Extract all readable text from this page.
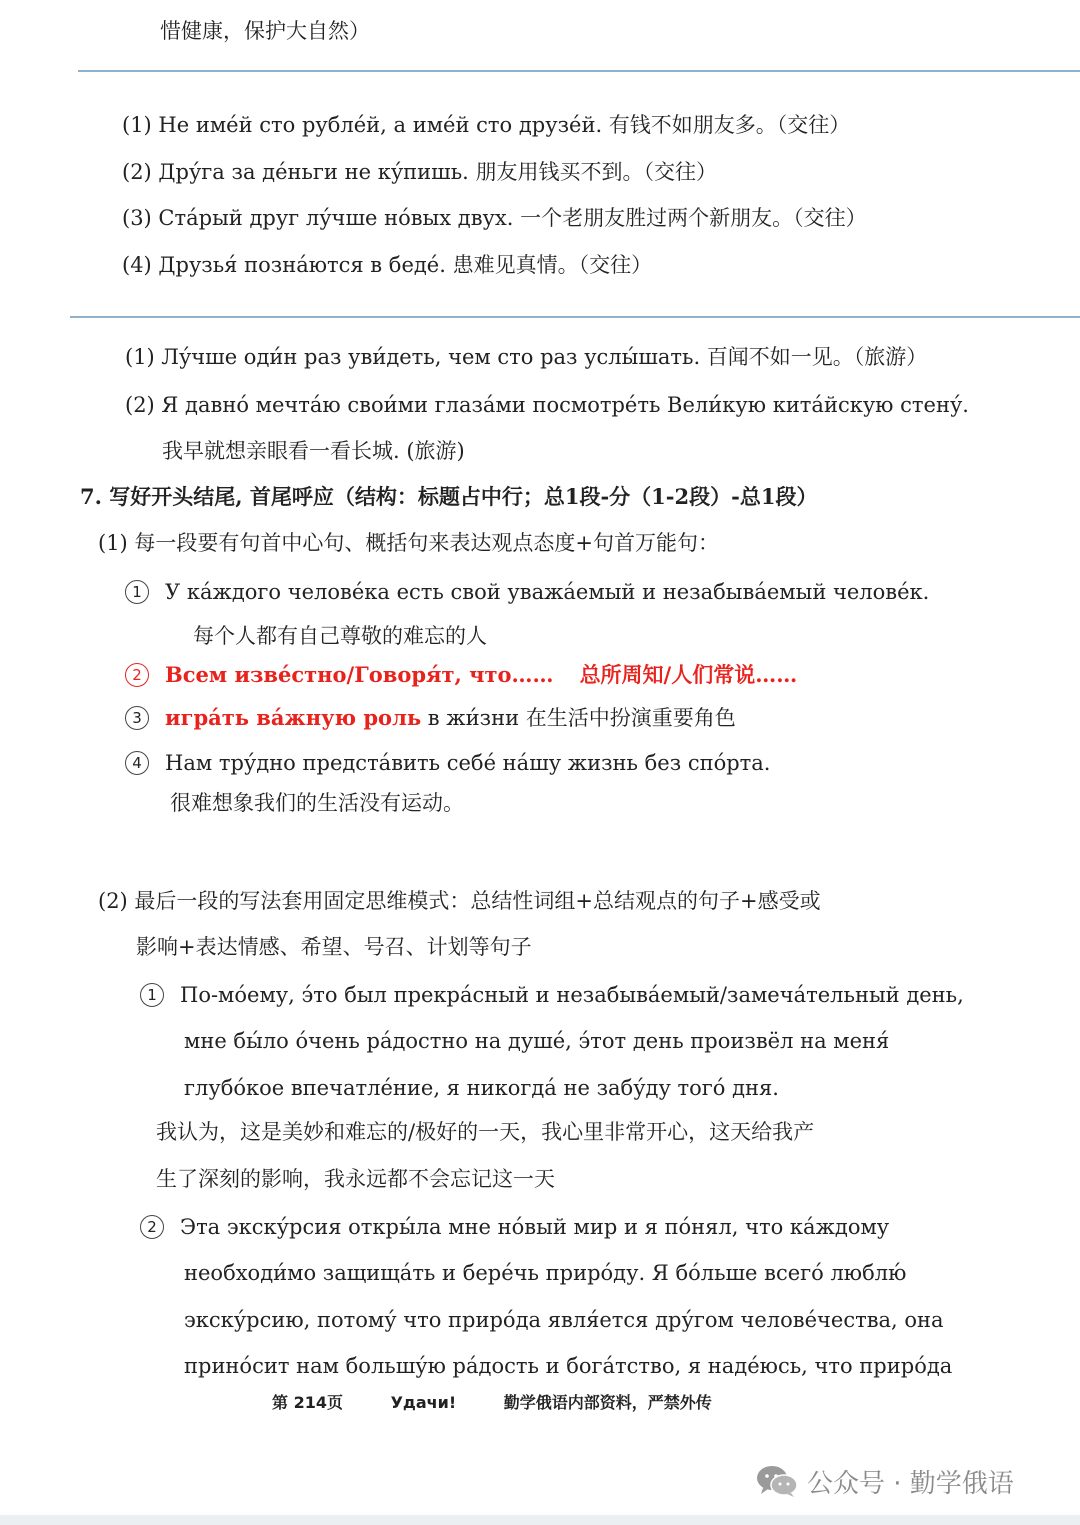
惜健康，保护大自然）
(1) Не име́й сто рубле́й, а име́й сто друзе́й. 有钱不如朋友多。（交往）
(2) Дру́га за де́ньги не ку́пишь. 朋友用钱买不到。（交往）
(3) Ста́рый друг лу́чше но́вых двух. 一个老朋友胜过两个新朋友。（交往）
(4) Друзья́ позна́ются в беде́. 患难见真情。（交往）
(1) Лу́чше оди́н раз уви́деть, чем сто раз услы́шать. 百闻不如一见。（旅游）
(2) Я давно́ мечта́ю свои́ми глаза́ми посмотре́ть Вели́кую кита́йскую стену́.
我早就想亲眼看一看长城. (旅游)
7. 写好开头结尾, 首尾呼应（结构：标题占中行；总1段-分（1-2段）-总1段）
(1) 每一段要有句首中心句、概括句来表达观点态度+句首万能句：
1 У ка́ждого челове́ка есть свой уважа́емый и незабыва́емый челове́к.
每个人都有自己尊敬的难忘的人
2 Всем изве́стно/Говоря́т, что…… 总所周知/人们常说……
3 игра́ть ва́жную роль в жи́зни 在生活中扮演重要角色
4 Нам тру́дно предста́вить себе́ на́шу жизнь без спо́рта.
很难想象我们的生活没有运动。
(2) 最后一段的写法套用固定思维模式：总结性词组+总结观点的句子+感受或
影响+表达情感、希望、号召、计划等句子
1 По-мо́ему, э́то был прекра́сный и незабыва́емый/замеча́тельный день,
мне бы́ло о́чень ра́достно на душе́, э́тот день произвёл на меня́
глубо́кое впечатле́ние, я никогда́ не забу́ду того́ дня.
我认为，这是美妙和难忘的/极好的一天，我心里非常开心，这天给我产
生了深刻的影响，我永远都不会忘记这一天
2 Эта экску́рсия откры́ла мне но́вый мир и я по́нял, что ка́ждому
необходи́мо защища́ть и бере́чь приро́ду. Я бо́льше всего́ люблю́
экску́рсию, потому́ что приро́да явля́ется дру́гом челове́чества, она
прино́сит нам большу́ю ра́дость и бога́тство, я наде́юсь, что приро́да
第 214页	Удачи!	勤学俄语内部资料，严禁外传
公众号 · 勤学俄语
